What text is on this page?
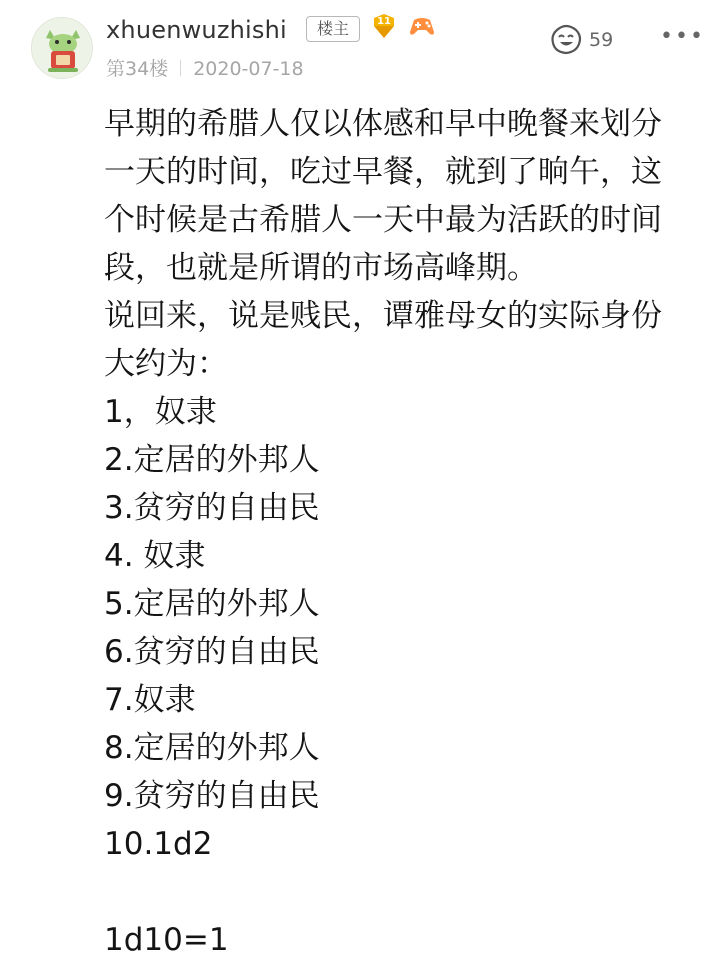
xhuenwuzhishi	楼主	11
第34楼 2020-07-18
59 •••
早期的希腊人仅以体感和早中晚餐来划分
一天的时间，吃过早餐，就到了晌午，这
个时候是古希腊人一天中最为活跃的时间
段，也就是所谓的市场高峰期。
说回来，说是贱民，谭雅母女的实际身份
大约为：
1，奴隶
2.定居的外邦人
3.贫穷的自由民
4. 奴隶
5.定居的外邦人
6.贫穷的自由民
7.奴隶
8.定居的外邦人
9.贫穷的自由民
10.1d2
1d10=1
